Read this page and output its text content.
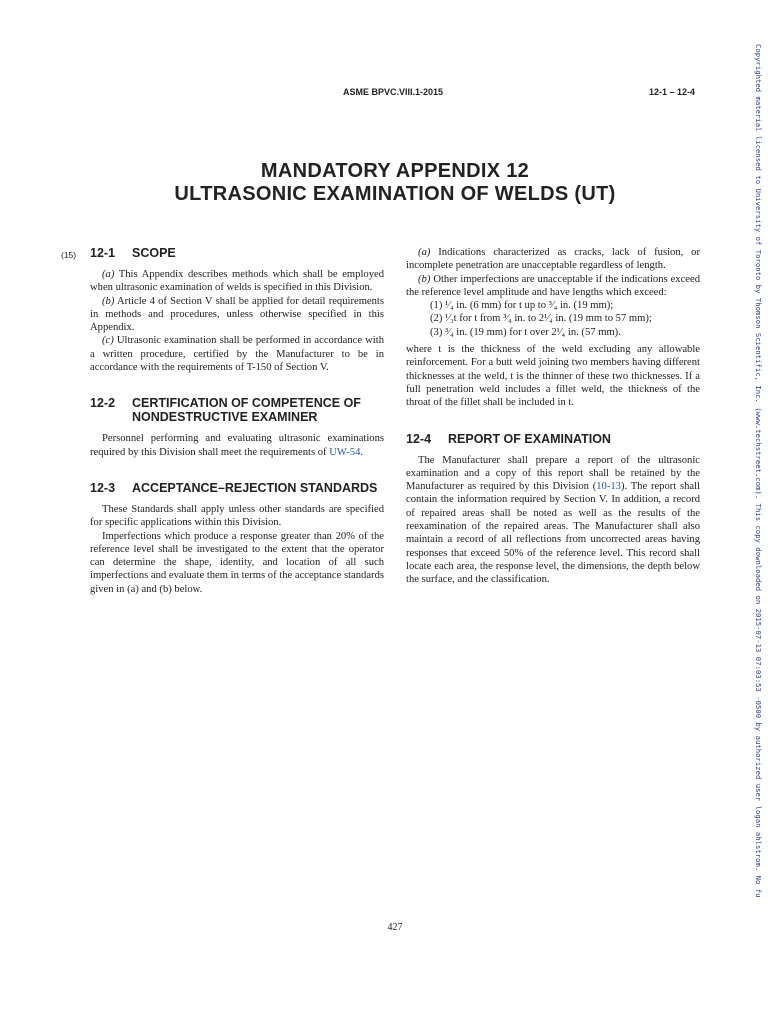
ASME BPVC.VIII.1-2015	12-1 – 12-4
MANDATORY APPENDIX 12
ULTRASONIC EXAMINATION OF WELDS (UT)
(15) 12-1 SCOPE

(a) This Appendix describes methods which shall be employed when ultrasonic examination of welds is specified in this Division.

(b) Article 4 of Section V shall be applied for detail requirements in methods and procedures, unless otherwise specified in this Appendix.

(c) Ultrasonic examination shall be performed in accordance with a written procedure, certified by the Manufacturer to be in accordance with the requirements of T-150 of Section V.

12-2 CERTIFICATION OF COMPETENCE OF NONDESTRUCTIVE EXAMINER

Personnel performing and evaluating ultrasonic examinations required by this Division shall meet the requirements of UW-54.

12-3 ACCEPTANCE–REJECTION STANDARDS

These Standards shall apply unless other standards are specified for specific applications within this Division.

Imperfections which produce a response greater than 20% of the reference level shall be investigated to the extent that the operator can determine the shape, identity, and location of all such imperfections and evaluate them in terms of the acceptance standards given in (a) and (b) below.

(a) Indications characterized as cracks, lack of fusion, or incomplete penetration are unacceptable regardless of length.

(b) Other imperfections are unacceptable if the indications exceed the reference level amplitude and have lengths which exceed:

(1) ¹⁄₄ in. (6 mm) for t up to ³⁄₄ in. (19 mm);
(2) ¹⁄₃t for t from ³⁄₄ in. to 2¹⁄₄ in. (19 mm to 57 mm);
(3) ³⁄₄ in. (19 mm) for t over 2¹⁄₄ in. (57 mm).

where t is the thickness of the weld excluding any allowable reinforcement. For a butt weld joining two members having different thicknesses at the weld, t is the thinner of these two thicknesses. If a full penetration weld includes a fillet weld, the thickness of the throat of the fillet shall be included in t.

12-4 REPORT OF EXAMINATION

The Manufacturer shall prepare a report of the ultrasonic examination and a copy of this report shall be retained by the Manufacturer as required by this Division (10-13). The report shall contain the information required by Section V. In addition, a record of repaired areas shall be noted as well as the results of the reexamination of the repaired areas. The Manufacturer shall also maintain a record of all reflections from uncorrected areas having responses that exceed 50% of the reference level. This record shall locate each area, the response level, the dimensions, the depth below the surface, and the classification.

427
Copyrighted material licensed to University of Toronto by Thomson Scientific, Inc. (www.techstreet.com). This copy downloaded on 2015-07-13 07:03:53 -0500 by authorized user logan ahlstrom. No fu
